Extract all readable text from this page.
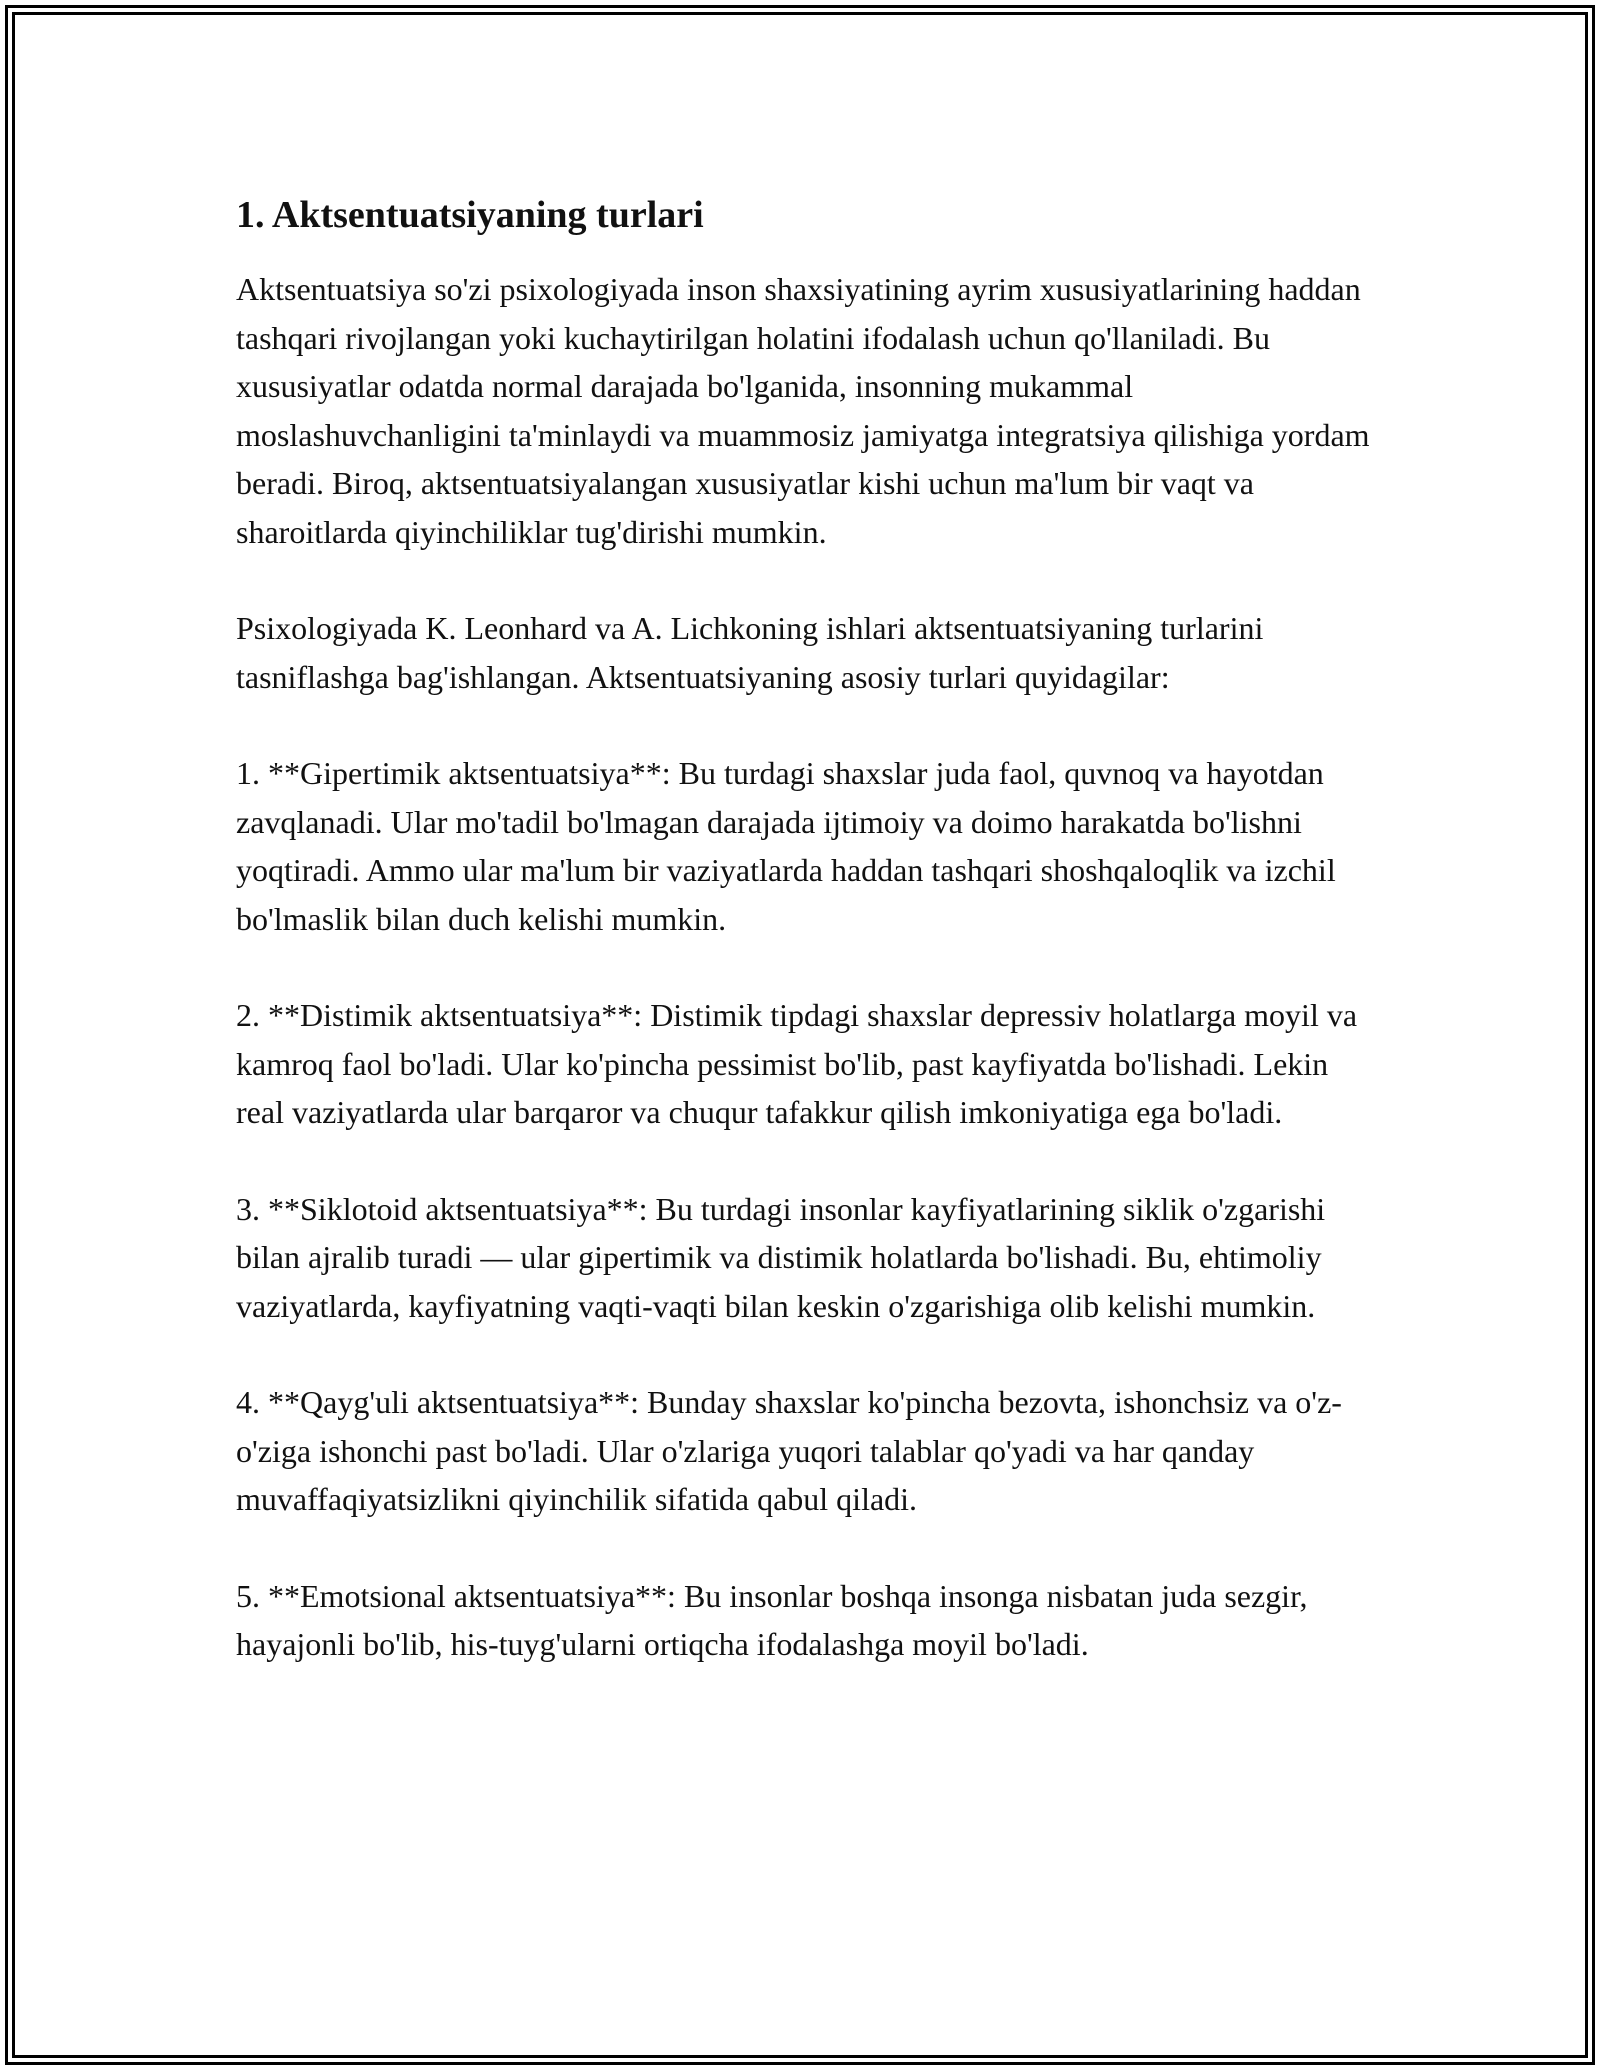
1. Aktsentuatsiyaning turlari

Aktsentuatsiya so'zi psixologiyada inson shaxsiyatining ayrim xususiyatlarining haddan tashqari rivojlangan yoki kuchaytirilgan holatini ifodalash uchun qo'llaniladi. Bu xususiyatlar odatda normal darajada bo'lganida, insonning mukammal moslashuvchanligini ta'minlaydi va muammosiz jamiyatga integratsiya qilishiga yordam beradi. Biroq, aktsentuatsiyalangan xususiyatlar kishi uchun ma'lum bir vaqt va sharoitlarda qiyinchiliklar tug'dirishi mumkin.

Psixologiyada K. Leonhard va A. Lichkoning ishlari aktsentuatsiyaning turlarini tasniflashga bag'ishlangan. Aktsentuatsiyaning asosiy turlari quyidagilar:

1. **Gipertimik aktsentuatsiya**: Bu turdagi shaxslar juda faol, quvnoq va hayotdan zavqlanadi. Ular mo'tadil bo'lmagan darajada ijtimoiy va doimo harakatda bo'lishni yoqtiradi. Ammo ular ma'lum bir vaziyatlarda haddan tashqari shoshqaloqlik va izchil bo'lmaslik bilan duch kelishi mumkin.

2. **Distimik aktsentuatsiya**: Distimik tipdagi shaxslar depressiv holatlarga moyil va kamroq faol bo'ladi. Ular ko'pincha pessimist bo'lib, past kayfiyatda bo'lishadi. Lekin real vaziyatlarda ular barqaror va chuqur tafakkur qilish imkoniyatiga ega bo'ladi.

3. **Siklotoid aktsentuatsiya**: Bu turdagi insonlar kayfiyatlarining siklik o'zgarishi bilan ajralib turadi — ular gipertimik va distimik holatlarda bo'lishadi. Bu, ehtimoliy vaziyatlarda, kayfiyatning vaqti-vaqti bilan keskin o'zgarishiga olib kelishi mumkin.

4. **Qayg'uli aktsentuatsiya**: Bunday shaxslar ko'pincha bezovta, ishonchsiz va o'z-o'ziga ishonchi past bo'ladi. Ular o'zlariga yuqori talablar qo'yadi va har qanday muvaffaqiyatsizlikni qiyinchilik sifatida qabul qiladi.

5. **Emotsional aktsentuatsiya**: Bu insonlar boshqa insonga nisbatan juda sezgir, hayajonli bo'lib, his-tuyg'ularni ortiqcha ifodalashga moyil bo'ladi.
